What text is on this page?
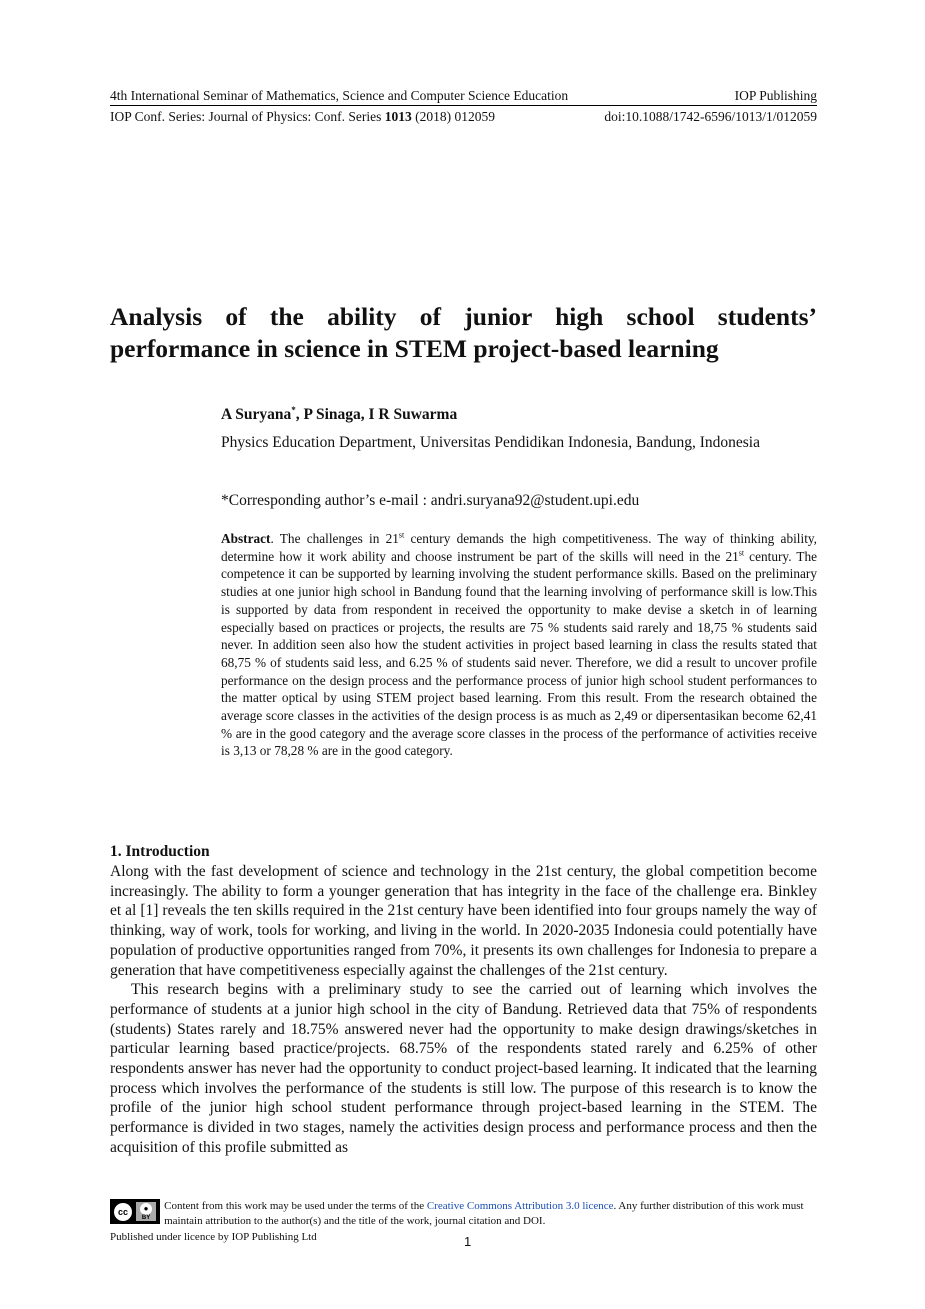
4th International Seminar of Mathematics, Science and Computer Science Education	IOP Publishing
IOP Conf. Series: Journal of Physics: Conf. Series 1013 (2018) 012059	doi:10.1088/1742-6596/1013/1/012059
Analysis of the ability of junior high school students’
performance in science in STEM project-based learning
A Suryana*, P Sinaga, I R Suwarma
Physics Education Department, Universitas Pendidikan Indonesia, Bandung, Indonesia
*Corresponding author’s e-mail : andri.suryana92@student.upi.edu
Abstract. The challenges in 21st century demands the high competitiveness. The way of thinking ability, determine how it work ability and choose instrument be part of the skills will need in the 21st century. The competence it can be supported by learning involving the student performance skills. Based on the preliminary studies at one junior high school in Bandung found that the learning involving of performance skill is low.This is supported by data from respondent in received the opportunity to make devise a sketch in of learning especially based on practices or projects, the results are 75 % students said rarely and 18,75 % students said never. In addition seen also how the student activities in project based learning in class the results stated that 68,75 % of students said less, and 6.25 % of students said never. Therefore, we did a result to uncover profile performance on the design process and the performance process of junior high school student performances to the matter optical by using STEM project based learning. From this result. From the research obtained the average score classes in the activities of the design process is as much as 2,49 or dipersentasikan become 62,41 % are in the good category and the average score classes in the process of the performance of activities receive is 3,13 or 78,28 % are in the good category.
1. Introduction

Along with the fast development of science and technology in the 21st century, the global competition become increasingly. The ability to form a younger generation that has integrity in the face of the challenge era. Binkley et al [1] reveals the ten skills required in the 21st century have been identified into four groups namely the way of thinking, way of work, tools for working, and living in the world. In 2020-2035 Indonesia could potentially have population of productive opportunities ranged from 70%, it presents its own challenges for Indonesia to prepare a generation that have competitiveness especially against the challenges of the 21st century.

This research begins with a preliminary study to see the carried out of learning which involves the performance of students at a junior high school in the city of Bandung. Retrieved data that 75% of respondents (students) States rarely and 18.75% answered never had the opportunity to make design drawings/sketches in particular learning based practice/projects. 68.75% of the respondents stated rarely and 6.25% of other respondents answer has never had the opportunity to conduct project-based learning. It indicated that the learning process which involves the performance of the students is still low. The purpose of this research is to know the profile of the junior high school student performance through project-based learning in the STEM. The performance is divided in two stages, namely the activities design process and performance process and then the acquisition of this profile submitted as

cc	●
BY
Content from this work may be used under the terms of the Creative Commons Attribution 3.0 licence. Any further distribution of this work must maintain attribution to the author(s) and the title of the work, journal citation and DOI.
Published under licence by IOP Publishing Ltd	1
